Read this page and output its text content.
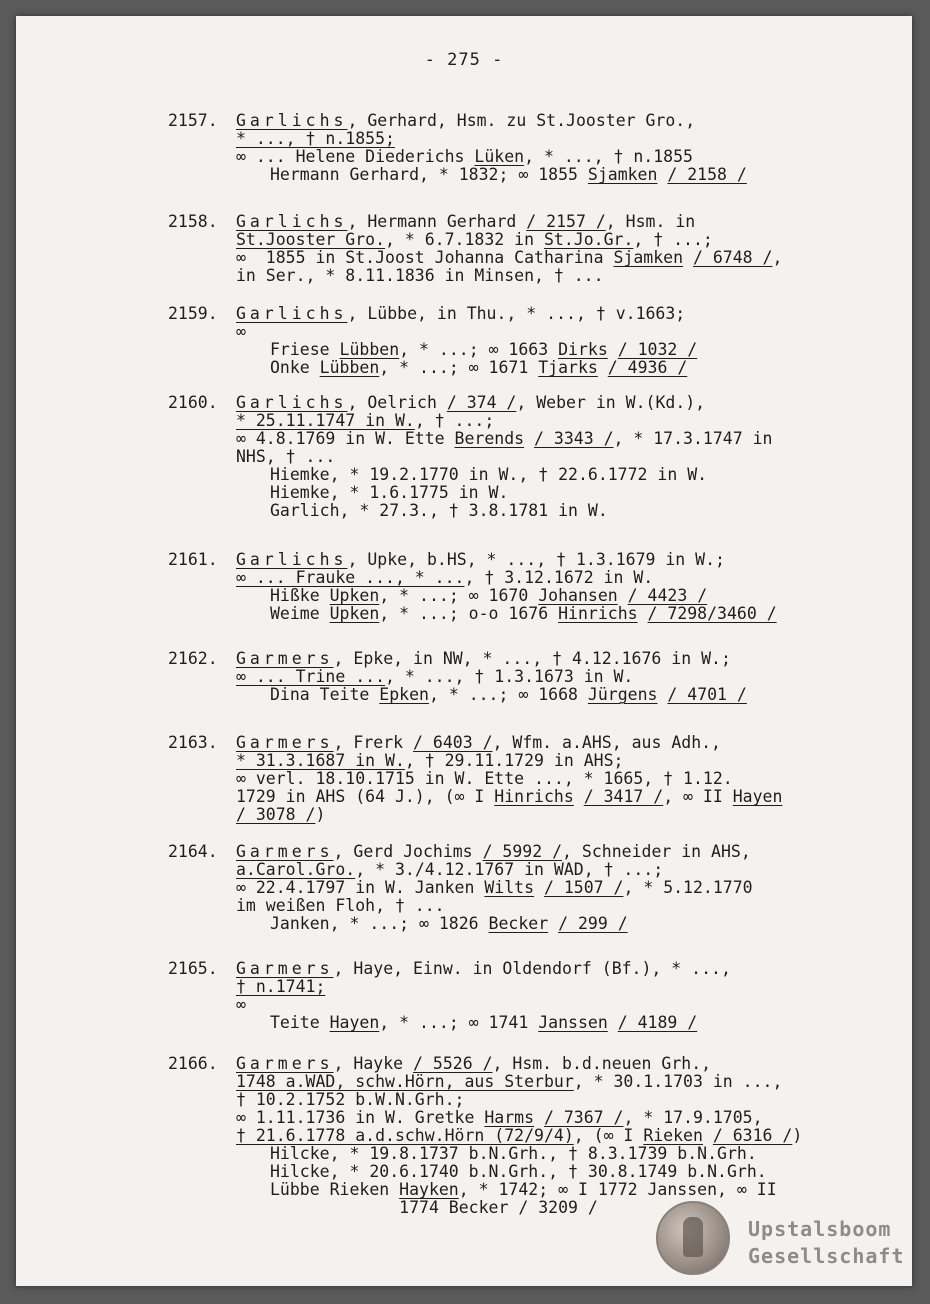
- 275 -
2157. Garlichs, Gerhard, Hsm. zu St.Jooster Gro.,
* ..., † n.1855;
∞ ... Helene Diederichs Lüken, * ..., † n.1855
Hermann Gerhard, * 1832; ∞ 1855 Sjamken / 2158 /
2158. Garlichs, Hermann Gerhard / 2157 /, Hsm. in
St.Jooster Gro., * 6.7.1832 in St.Jo.Gr., † ...;
∞  1855 in St.Joost Johanna Catharina Sjamken / 6748 /,
in Ser., * 8.11.1836 in Minsen, † ...
2159. Garlichs, Lübbe, in Thu., * ..., † v.1663;
∞
Friese Lübben, * ...; ∞ 1663 Dirks / 1032 /
Onke Lübben, * ...; ∞ 1671 Tjarks / 4936 /
2160. Garlichs, Oelrich / 374 /, Weber in W.(Kd.),
* 25.11.1747 in W., † ...;
∞ 4.8.1769 in W. Ette Berends / 3343 /, * 17.3.1747 in
NHS, † ...
Hiemke, * 19.2.1770 in W., † 22.6.1772 in W.
Hiemke, * 1.6.1775 in W.
Garlich, * 27.3., † 3.8.1781 in W.
2161. Garlichs, Upke, b.HS, * ..., † 1.3.1679 in W.;
∞ ... Frauke ..., * ..., † 3.12.1672 in W.
Hißke Upken, * ...; ∞ 1670 Johansen / 4423 /
Weime Upken, * ...; o-o 1676 Hinrichs / 7298/3460 /
2162. Garmers, Epke, in NW, * ..., † 4.12.1676 in W.;
∞ ... Trine ..., * ..., † 1.3.1673 in W.
Dina Teite Epken, * ...; ∞ 1668 Jürgens / 4701 /
2163. Garmers, Frerk / 6403 /, Wfm. a.AHS, aus Adh.,
* 31.3.1687 in W., † 29.11.1729 in AHS;
∞ verl. 18.10.1715 in W. Ette ..., * 1665, † 1.12.
1729 in AHS (64 J.), (∞ I Hinrichs / 3417 /, ∞ II Hayen
/ 3078 /)
2164. Garmers, Gerd Jochims / 5992 /, Schneider in AHS,
a.Carol.Gro., * 3./4.12.1767 in WAD, † ...;
∞ 22.4.1797 in W. Janken Wilts / 1507 /, * 5.12.1770
im weißen Floh, † ...
Janken, * ...; ∞ 1826 Becker / 299 /
2165. Garmers, Haye, Einw. in Oldendorf (Bf.), * ...,
† n.1741;
∞
Teite Hayen, * ...; ∞ 1741 Janssen / 4189 /
2166. Garmers, Hayke / 5526 /, Hsm. b.d.neuen Grh.,
1748 a.WAD, schw.Hörn, aus Sterbur, * 30.1.1703 in ...,
† 10.2.1752 b.W.N.Grh.;
∞ 1.11.1736 in W. Gretke Harms / 7367 /, * 17.9.1705,
† 21.6.1778 a.d.schw.Hörn (72/9/4), (∞ I Rieken / 6316 /)
Hilcke, * 19.8.1737 b.N.Grh., † 8.3.1739 b.N.Grh.
Hilcke, * 20.6.1740 b.N.Grh., † 30.8.1749 b.N.Grh.
Lübbe Rieken Hayken, * 1742; ∞ I 1772 Janssen, ∞ II
1774 Becker / 3209 /
Upstalsboom
Gesellschaft
